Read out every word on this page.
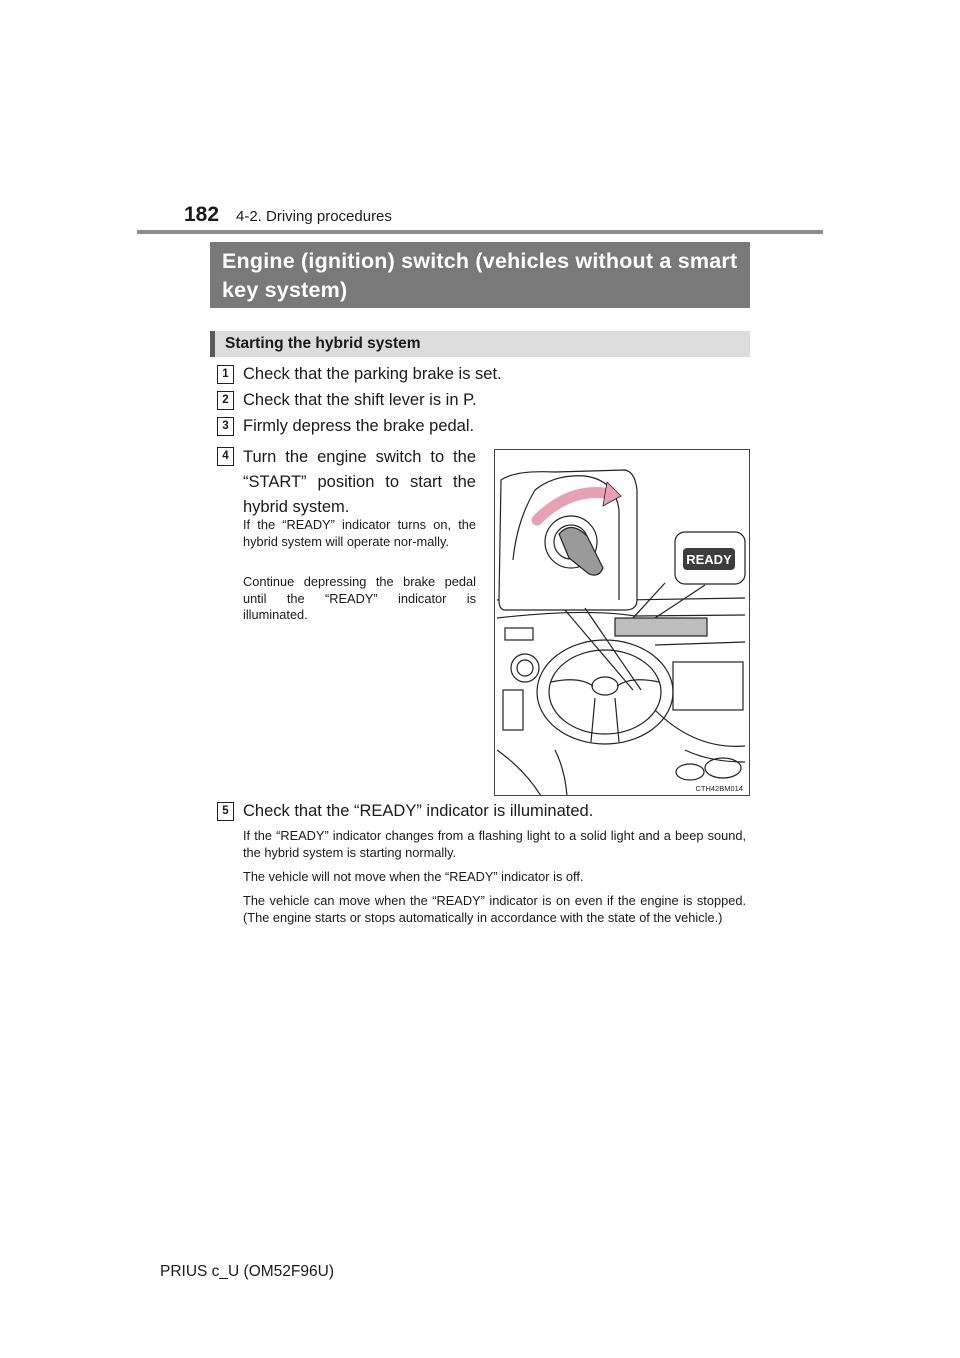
182 4-2. Driving procedures
Engine (ignition) switch (vehicles without a smart key system)
Starting the hybrid system
1 Check that the parking brake is set.
2 Check that the shift lever is in P.
3 Firmly depress the brake pedal.
4 Turn the engine switch to the “START” position to start the hybrid system.
If the “READY” indicator turns on, the hybrid system will operate nor-mally.
Continue depressing the brake pedal until the “READY” indicator is illuminated.
READY
CTH42BM014
5 Check that the “READY” indicator is illuminated.
If the “READY” indicator changes from a flashing light to a solid light and a beep sound, the hybrid system is starting normally.
The vehicle will not move when the “READY” indicator is off.
The vehicle can move when the “READY” indicator is on even if the engine is stopped. (The engine starts or stops automatically in accordance with the state of the vehicle.)
PRIUS c_U (OM52F96U)
